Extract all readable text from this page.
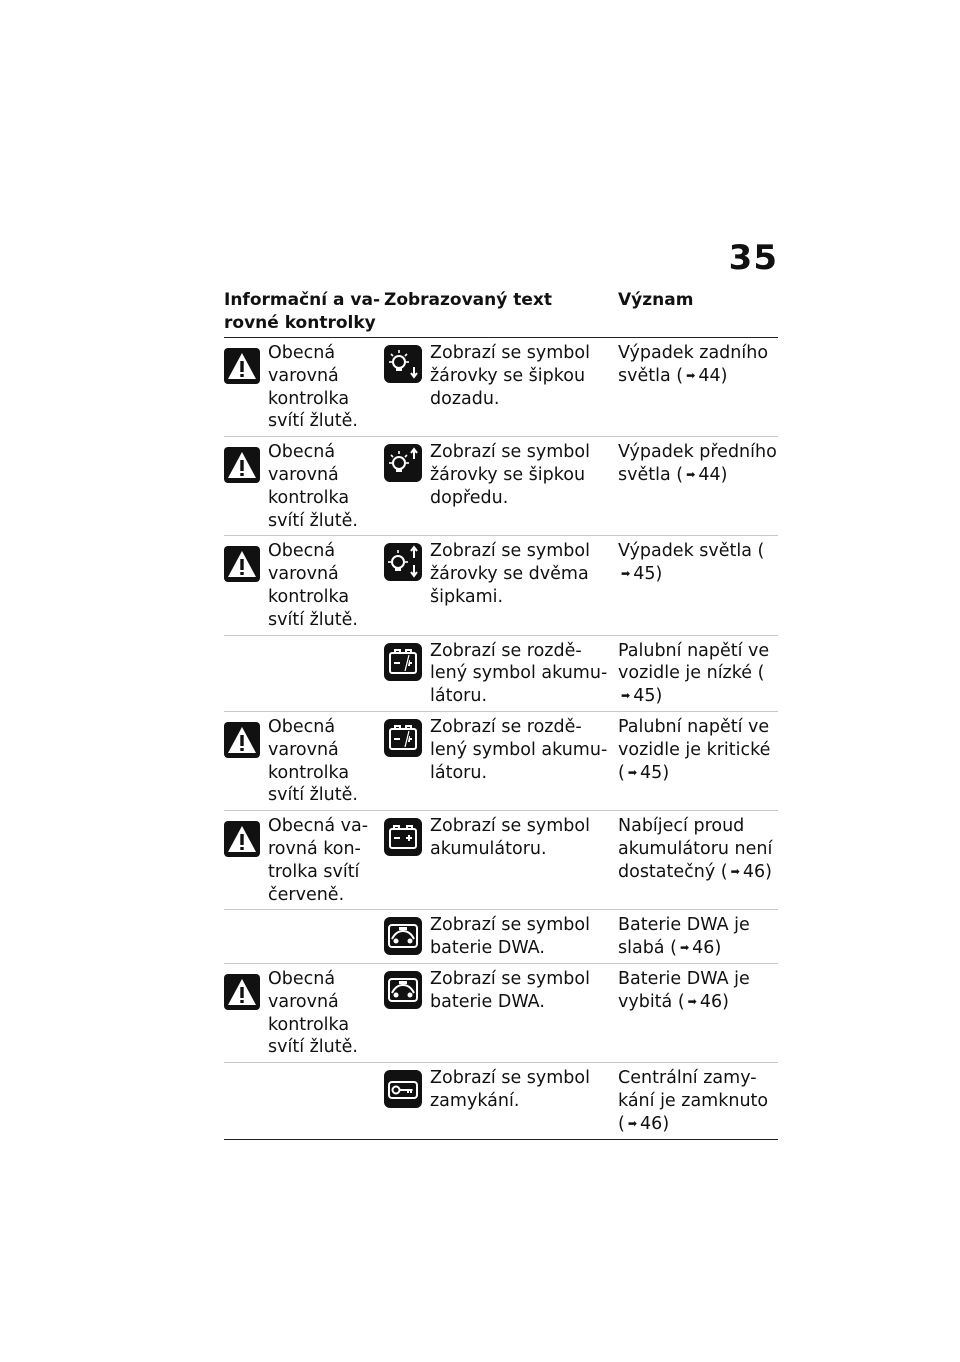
35
Informační a va-
rovné kontrolky
Zobrazovaný text	Význam
Obecná varovná kontrolka svítí žlutě.
Zobrazí se symbol žárovky se šipkou dozadu.
Výpadek zadního světla ( ➡ 44)
Obecná varovná kontrolka svítí žlutě.
Zobrazí se symbol žárovky se šipkou dopředu.
Výpadek předního světla ( ➡ 44)
Obecná varovná kontrolka svítí žlutě.
Zobrazí se symbol žárovky se dvěma šipkami.
Výpadek světla (➡ 45)
Zobrazí se rozdě-lený symbol akumu-látoru.
Palubní napětí ve vozidle je nízké (➡ 45)
Obecná varovná kontrolka svítí žlutě.
Zobrazí se rozdě-lený symbol akumu-látoru.
Palubní napětí ve vozidle je kritické ( ➡ 45)
Obecná va-rovná kon-trolka svítí červeně.
Zobrazí se symbol akumulátoru.
Nabíjecí proud akumulátoru není dostatečný ( ➡ 46)
Zobrazí se symbol baterie DWA.
Baterie DWA je slabá ( ➡ 46)
Obecná varovná kontrolka svítí žlutě.
Zobrazí se symbol baterie DWA.
Baterie DWA je vybitá ( ➡ 46)
Zobrazí se symbol zamykání.
Centrální zamy-kání je zamknuto ( ➡ 46)
